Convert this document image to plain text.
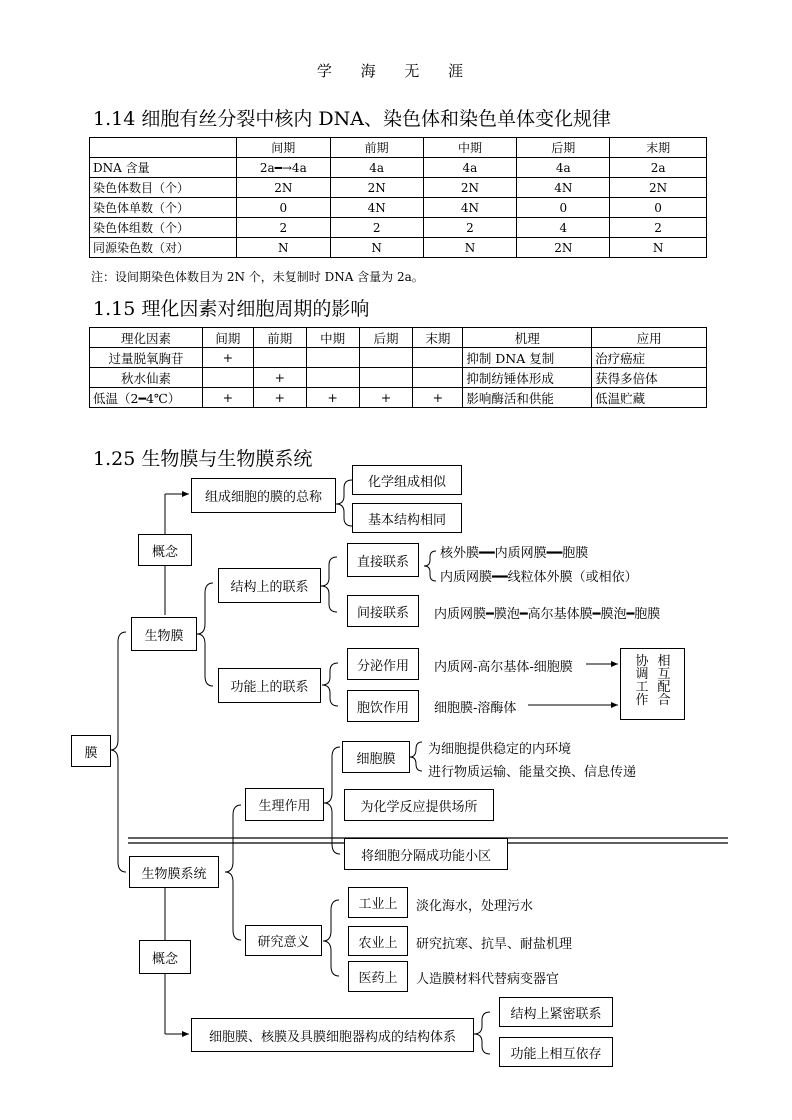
学 海 无 涯
1.14 细胞有丝分裂中核内 DNA、染色体和染色单体变化规律
	间期	前期	中期	后期	末期
DNA 含量	2a━→4a	4a	4a	4a	2a
染色体数目（个）	2N	2N	2N	4N	2N
染色体单数（个）	0	4N	4N	0	0
染色体组数（个）	2	2	2	4	2
同源染色数（对）	N	N	N	2N	N
注：设间期染色体数目为 2N 个，未复制时 DNA 含量为 2a。
1.15 理化因素对细胞周期的影响
理化因素	间期	前期	中期	后期	末期	机理	应用
过量脱氧胸苷	+					抑制 DNA 复制	治疗癌症
秋水仙素		+				抑制纺锤体形成	获得多倍体
低温（2━4℃）	+	+	+	+	+	影响酶活和供能	低温贮藏
1.25 生物膜与生物膜系统
膜
概念
组成细胞的膜的总称
化学组成相似
基本结构相同
生物膜
结构上的联系
直接联系
核外膜━━内质网膜━━胞膜
内质网膜━━线粒体外膜（或相依）
间接联系	内质网膜━膜泡━高尔基体膜━膜泡━胞膜
功能上的联系
分泌作用	内质网-高尔基体-细胞膜
胞饮作用	细胞膜-溶酶体
协
调
工
作
相
互
配
合
细胞膜
为细胞提供稳定的内环境
进行物质运输、能量交换、信息传递
生理作用	为化学反应提供场所
将细胞分隔成功能小区
生物膜系统
概念
研究意义
工业上	淡化海水，处理污水
农业上	研究抗寒、抗旱、耐盐机理
医药上	人造膜材料代替病变器官
细胞膜、核膜及具膜细胞器构成的结构体系
结构上紧密联系
功能上相互依存
